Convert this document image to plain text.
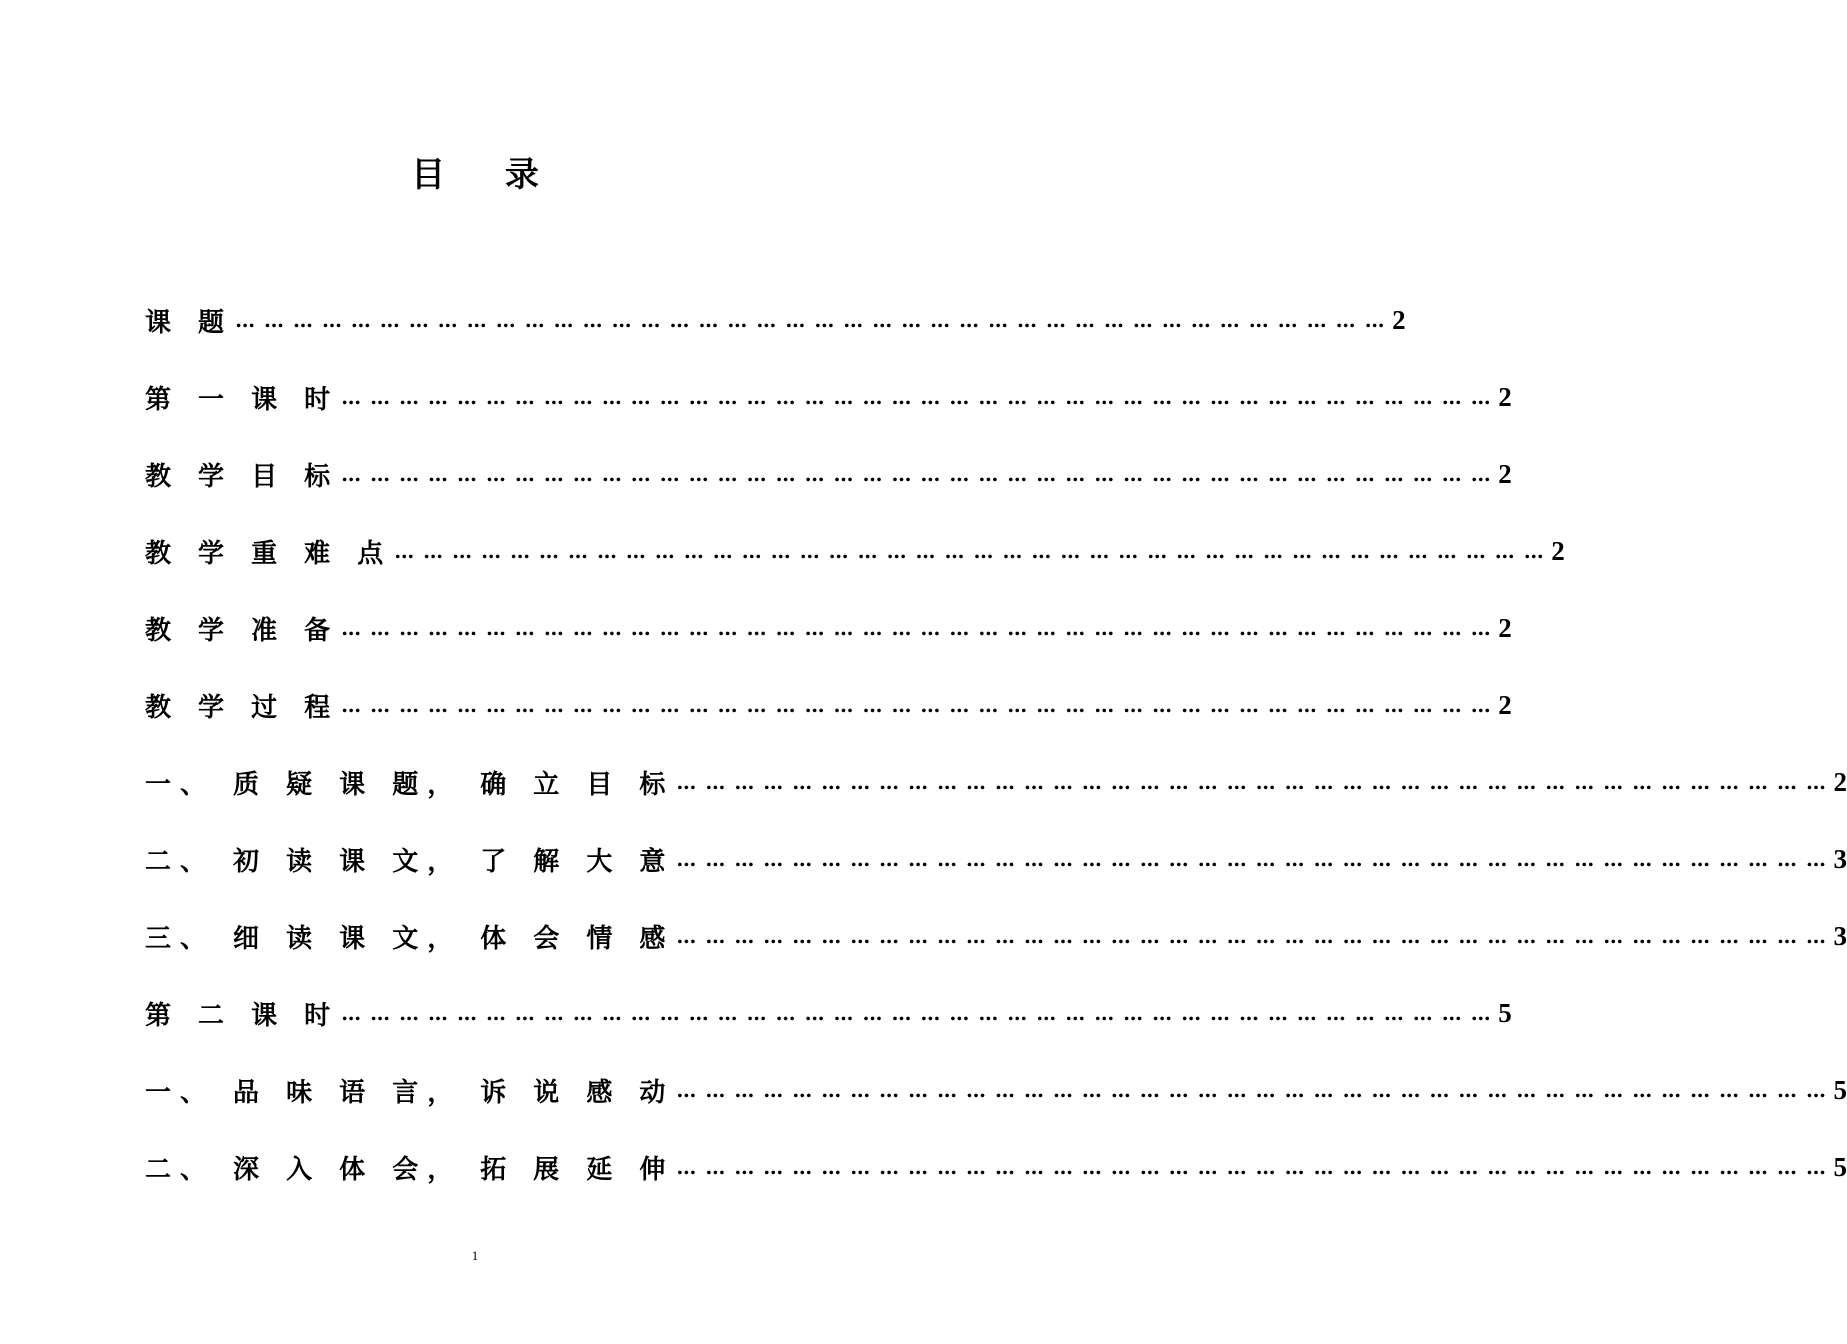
目 录
课 题 … … … … … … … … … … … … … … … … … … … … … … … … … … … … … … … … … … … … … … … … 2
第 一 课 时 … … … … … … … … … … … … … … … … … … … … … … … … … … … … … … … … … … … … … … … … 2
教 学 目 标 … … … … … … … … … … … … … … … … … … … … … … … … … … … … … … … … … … … … … … … … 2
教 学 重 难 点 … … … … … … … … … … … … … … … … … … … … … … … … … … … … … … … … … … … … … … … … 2
教 学 准 备 … … … … … … … … … … … … … … … … … … … … … … … … … … … … … … … … … … … … … … … … 2
教 学 过 程 … … … … … … … … … … … … … … … … … … … … … … … … … … … … … … … … … … … … … … … … 2
一、 质 疑 课 题， 确 立 目 标 … … … … … … … … … … … … … … … … … … … … … … … … … … … … … … … … … … … … … … … … 2
二、 初 读 课 文， 了 解 大 意 … … … … … … … … … … … … … … … … … … … … … … … … … … … … … … … … … … … … … … … … 3
三、 细 读 课 文， 体 会 情 感 … … … … … … … … … … … … … … … … … … … … … … … … … … … … … … … … … … … … … … … … 3
第 二 课 时 … … … … … … … … … … … … … … … … … … … … … … … … … … … … … … … … … … … … … … … … 5
一、 品 味 语 言， 诉 说 感 动 … … … … … … … … … … … … … … … … … … … … … … … … … … … … … … … … … … … … … … … … 5
二、 深 入 体 会， 拓 展 延 伸 … … … … … … … … … … … … … … … … … … … … … … … … … … … … … … … … … … … … … … … … 5
1
